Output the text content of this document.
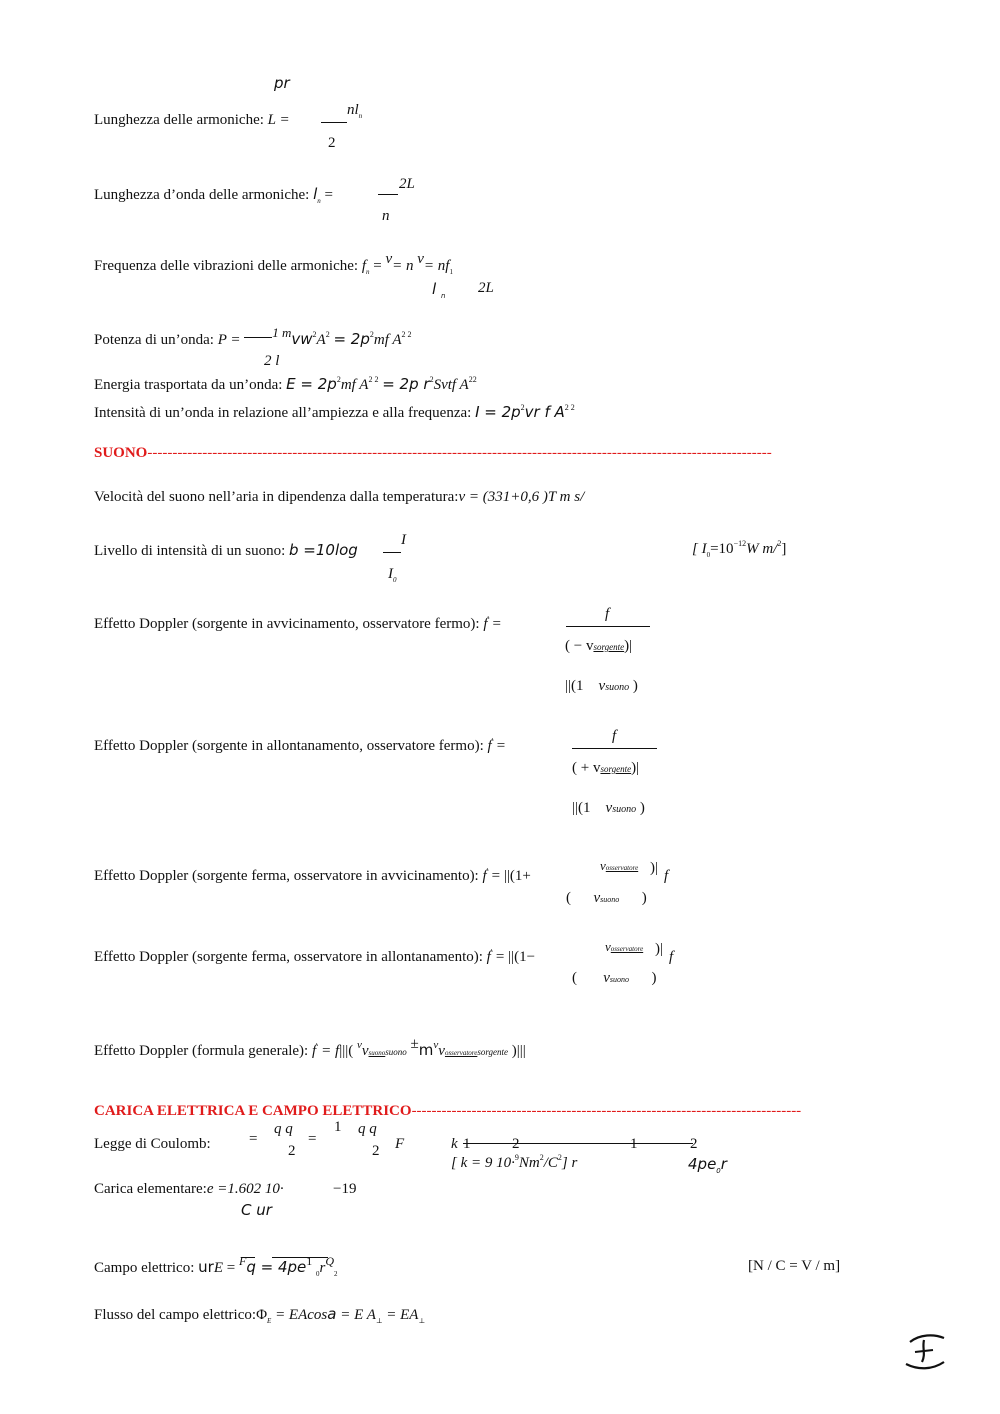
pr
Lunghezza delle armoniche: L =
$nl_n$
2
Lunghezza d’onda delle armoniche: $l_n$ =
2L
n
Frequenza delle vibrazioni delle armoniche: $f_n = v= n$ $v= nf_1$
l $_n$ 2L
Potenza di un’onda: P = 1 $mvw^2A^2 = 2p^2mf$ $A^{2 2}$
2 l
Energia trasportata da un’onda: $E = 2p^2mf$ $A^{2 2} = 2p$ $r^2Svtf$ $A^{22}$
Intensità di un’onda in relazione all’ampiezza e alla frequenza: $I = 2p^2vr$ f $A^{2 2}$
SUONO-----------------------------------------------------------------------------------------------------------------------------
Velocità del suono nell’aria in dipendenza dalla temperatura:v = (331+0,6 )T m s/
Livello di intensità di un suono: b =10log
I
$I_0$
[ $I_0=10^{-12}W$ m/$^2$]
Effetto Doppler (sorgente in avvicinamento, osservatore fermo): f' =
f
( − vsorgente)|
||(1 vsuono )
Effetto Doppler (sorgente in allontanamento, osservatore fermo): f' =
f
( + vsorgente)|
||(1 vsuono )
Effetto Doppler (sorgente ferma, osservatore in avvicinamento): f' = ||(1+
vosservatore )| f
( vsuono )
Effetto Doppler (sorgente ferma, osservatore in allontanamento): f' = ||(1−
vosservatore )| f
( vsuono )
Effetto Doppler (formula generale): f' = f|||( $^v$vsuonosuono $\pm m^vvosservatoresorgente$ )|||
CARICA ELETTRICA E CAMPO ELETTRICO------------------------------------------------------------------------------
Legge di Coulomb:	=
q q
2
=
1 q q
2 F	k 1	2	1	2
[ k = 9 $10\cdot^9Nm^2/C^2$] r	$4pe_0r$
Carica elementare:e =1.602 10·	−19
C ur
Campo elettrico: urE = $^Fq = 4pe^1$ $_0r^Q_2$	[N / C = V / m]
Flusso del campo $elettrico:\Phi_E = EAcosa = E$ $A_\perp = EA_\perp$
